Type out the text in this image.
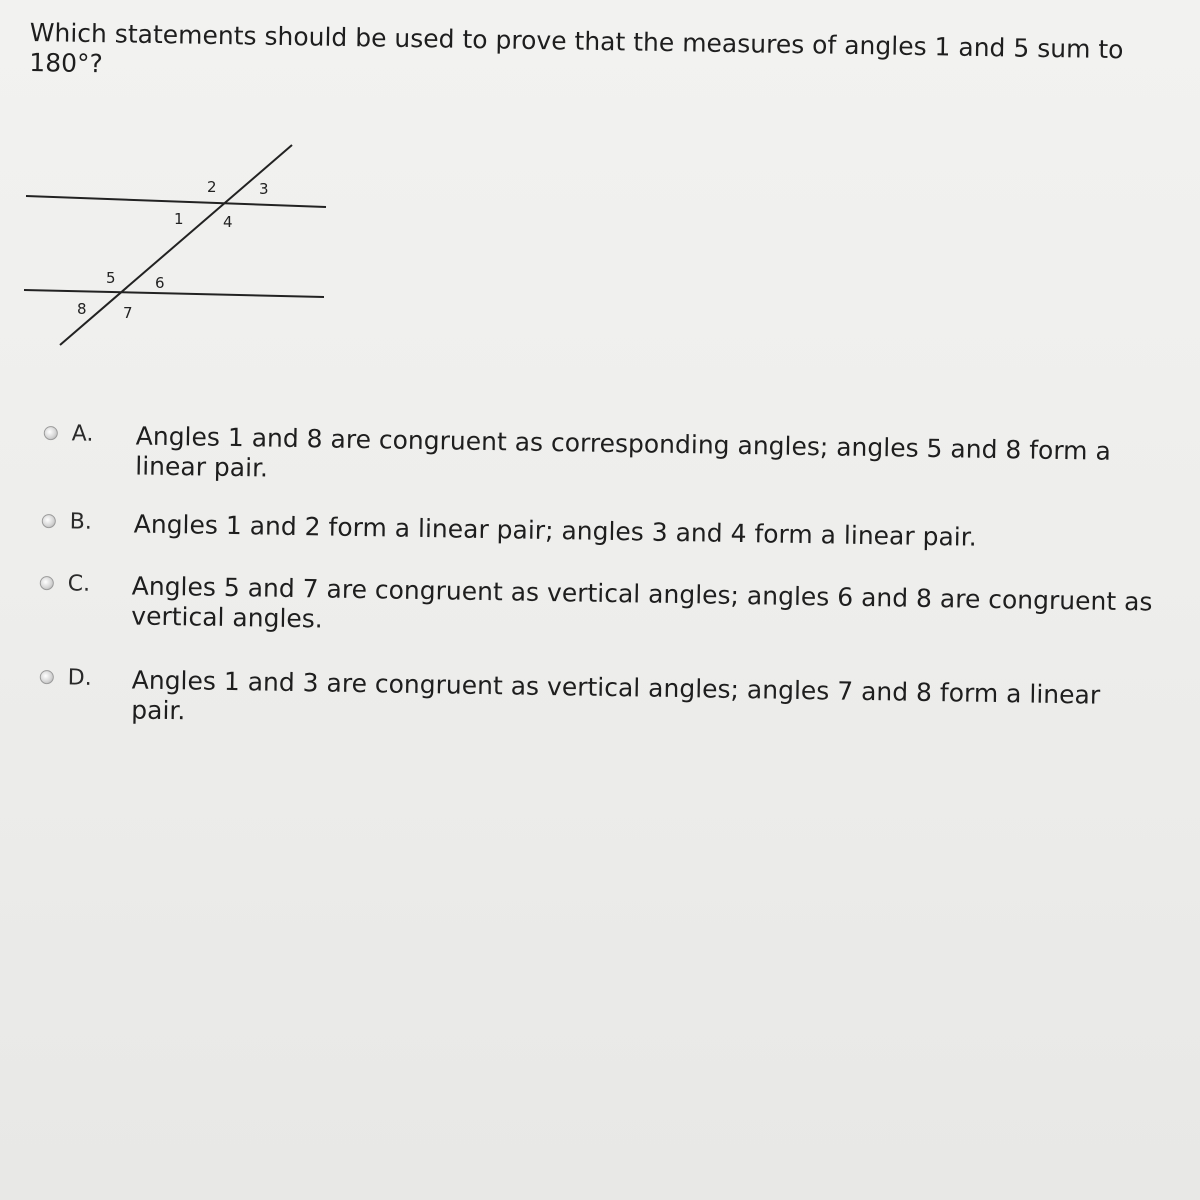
Which statements should be used to prove that the measures of angles 1 and 5 sum to 180°?
1
2	3
4
5	6
7
8
A.	Angles 1 and 8 are congruent as corresponding angles; angles 5 and 8 form a linear pair.
B.	Angles 1 and 2 form a linear pair; angles 3 and 4 form a linear pair.
C.	Angles 5 and 7 are congruent as vertical angles; angles 6 and 8 are congruent as vertical angles.
D.	Angles 1 and 3 are congruent as vertical angles; angles 7 and 8 form a linear pair.
